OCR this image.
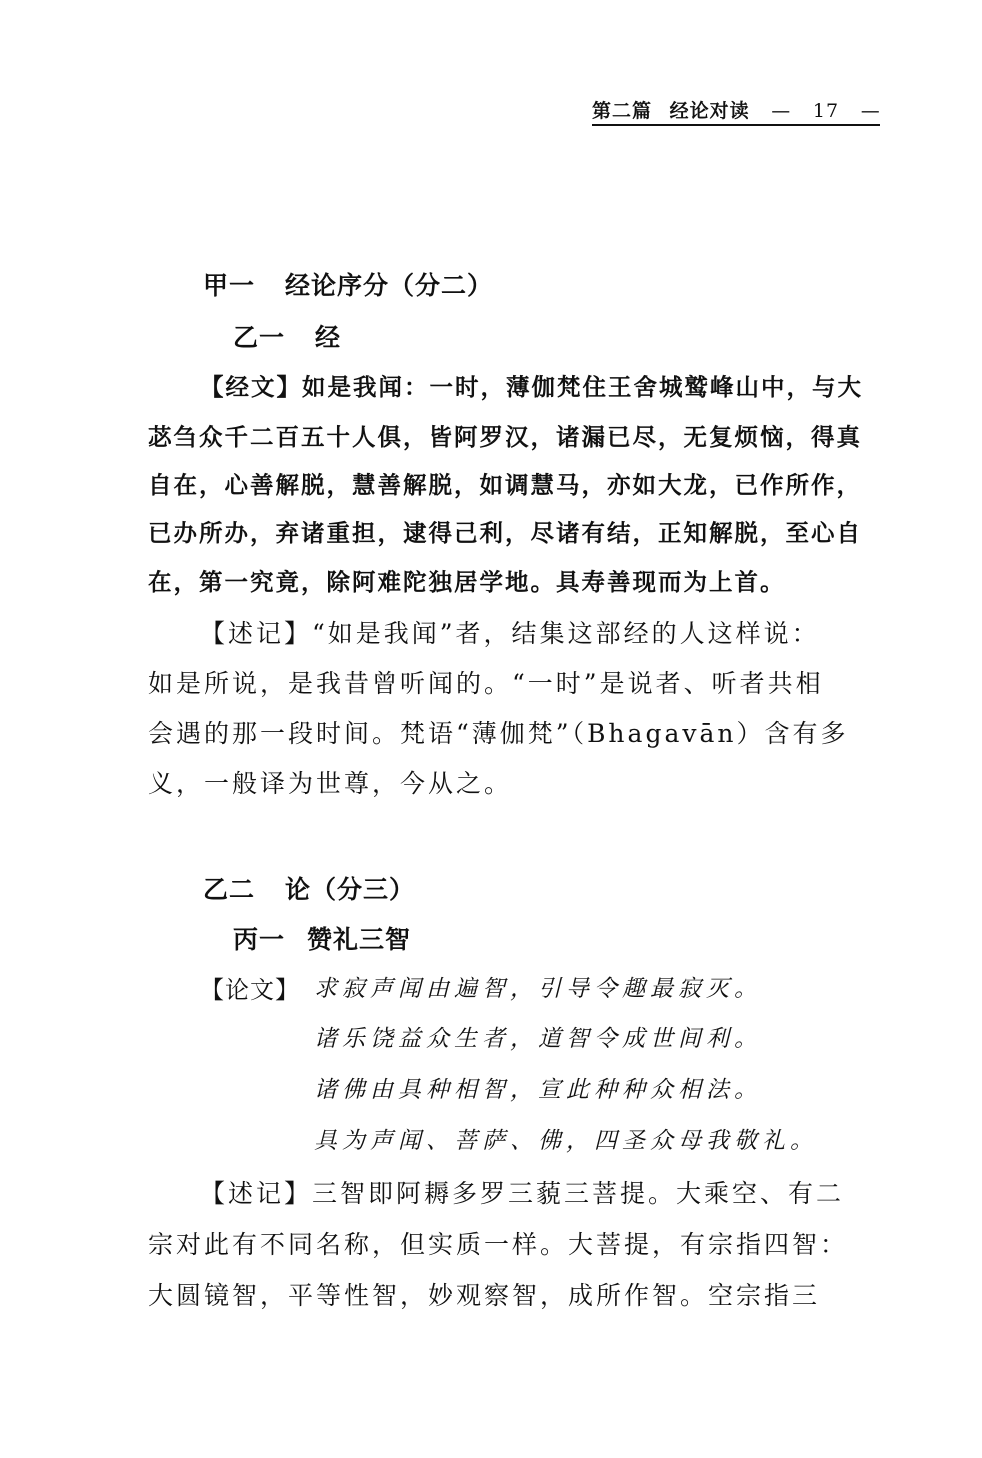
第二篇 经论对读 — 17 —
甲一 经论序分（分二）
乙一 经
【经文】如是我闻：一时，薄伽梵住王舍城鹫峰山中，与大
苾刍众千二百五十人俱，皆阿罗汉，诸漏已尽，无复烦恼，得真
自在，心善解脱，慧善解脱，如调慧马，亦如大龙，已作所作，
已办所办，弃诸重担，逮得己利，尽诸有结，正知解脱，至心自
在，第一究竟，除阿难陀独居学地。具寿善现而为上首。
【述记】“如是我闻”者，结集这部经的人这样说：
如是所说，是我昔曾听闻的。“一时”是说者、听者共相
会遇的那一段时间。梵语“薄伽梵”（Bhagavān）含有多
义，一般译为世尊，今从之。
乙二 论（分三）
丙一 赞礼三智
【论文】 求寂声闻由遍智，引导令趣最寂灭。
诸乐饶益众生者，道智令成世间利。
诸佛由具种相智，宣此种种众相法。
具为声闻、菩萨、佛，四圣众母我敬礼。
【述记】三智即阿耨多罗三藐三菩提。大乘空、有二
宗对此有不同名称，但实质一样。大菩提，有宗指四智：
大圆镜智，平等性智，妙观察智，成所作智。空宗指三
